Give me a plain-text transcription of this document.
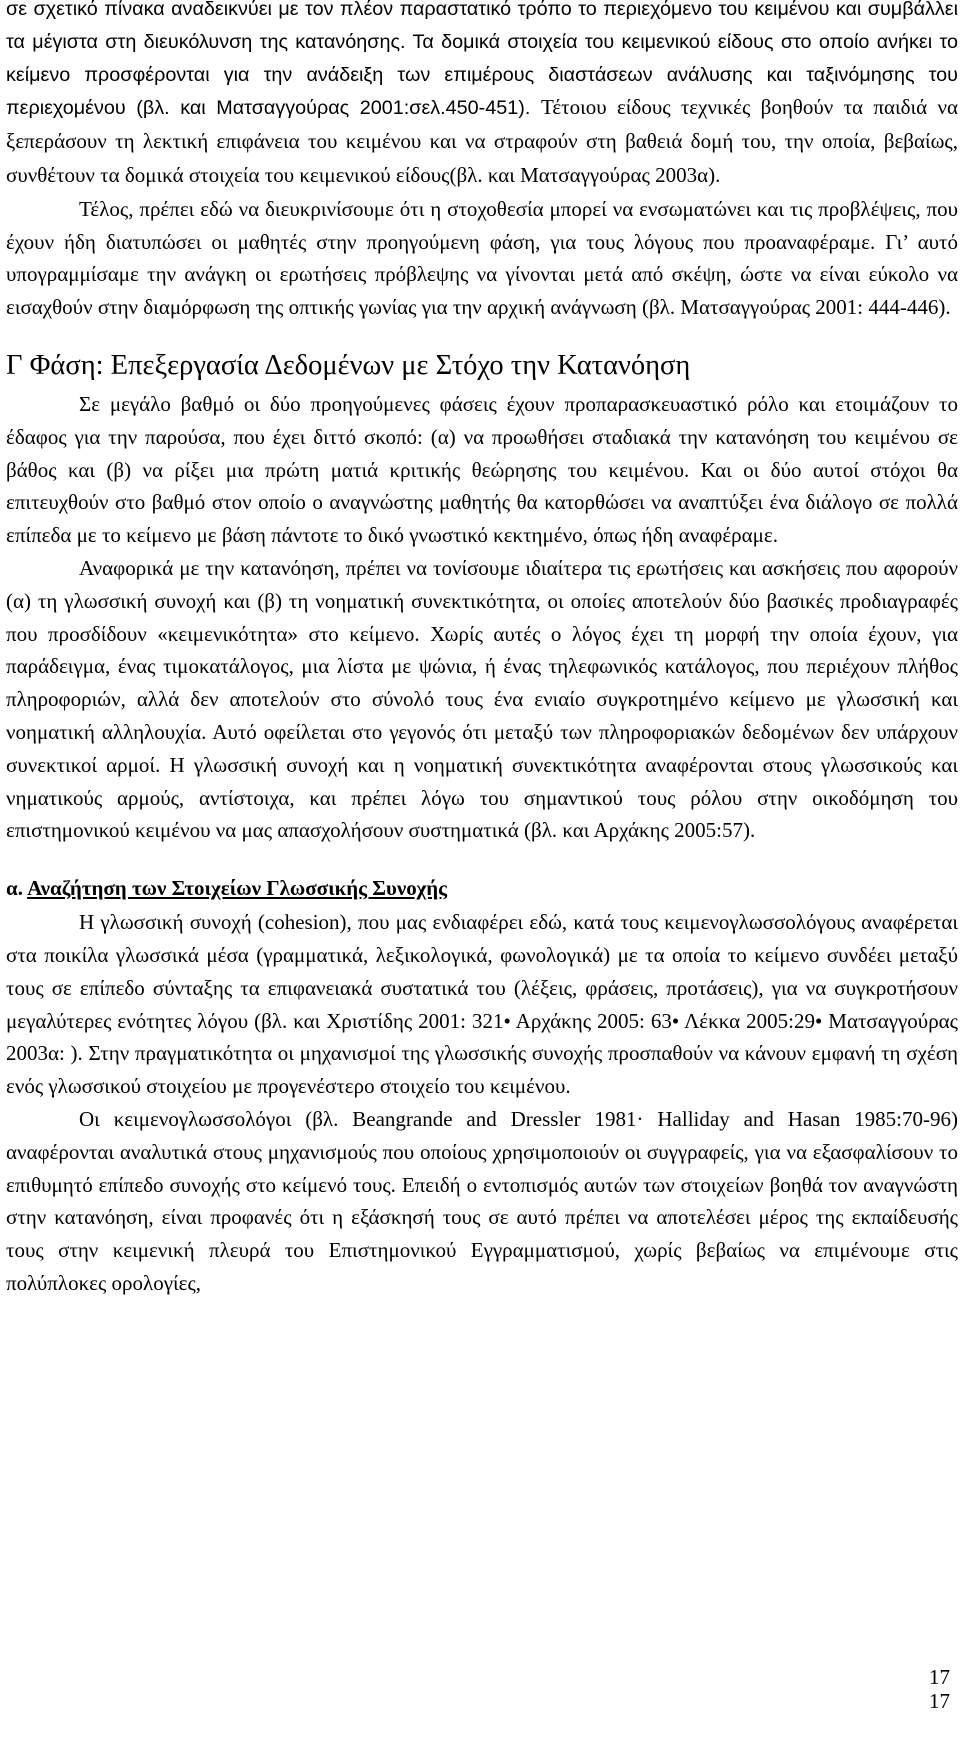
σε σχετικό πίνακα αναδεικνύει με τον πλέον παραστατικό τρόπο το περιεχόμενο του κειμένου και συμβάλλει τα μέγιστα στη διευκόλυνση της κατανόησης. Τα δομικά στοιχεία του κειμενικού είδους στο οποίο ανήκει το κείμενο προσφέρονται για την ανάδειξη των επιμέρους διαστάσεων ανάλυσης και ταξινόμησης του περιεχομένου (βλ. και Ματσαγγούρας 2001:σελ.450-451). Τέτοιου είδους τεχνικές βοηθούν τα παιδιά να ξεπεράσουν τη λεκτική επιφάνεια του κειμένου και να στραφούν στη βαθειά δομή του, την οποία, βεβαίως, συνθέτουν τα δομικά στοιχεία του κειμενικού είδους(βλ. και Ματσαγγούρας 2003α).

Τέλος, πρέπει εδώ να διευκρινίσουμε ότι η στοχοθεσία μπορεί να ενσωματώνει και τις προβλέψεις, που έχουν ήδη διατυπώσει οι μαθητές στην προηγούμενη φάση, για τους λόγους που προαναφέραμε. Γι’ αυτό υπογραμμίσαμε την ανάγκη οι ερωτήσεις πρόβλεψης να γίνονται μετά από σκέψη, ώστε να είναι εύκολο να εισαχθούν στην διαμόρφωση της οπτικής γωνίας για την αρχική ανάγνωση (βλ. Ματσαγγούρας 2001: 444-446).

Γ Φάση: Επεξεργασία Δεδομένων με Στόχο την Κατανόηση

Σε μεγάλο βαθμό οι δύο προηγούμενες φάσεις έχουν προπαρασκευαστικό ρόλο και ετοιμάζουν το έδαφος για την παρούσα, που έχει διττό σκοπό: (α) να προωθήσει σταδιακά την κατανόηση του κειμένου σε βάθος και (β) να ρίξει μια πρώτη ματιά κριτικής θεώρησης του κειμένου. Και οι δύο αυτοί στόχοι θα επιτευχθούν στο βαθμό στον οποίο ο αναγνώστης μαθητής θα κατορθώσει να αναπτύξει ένα διάλογο σε πολλά επίπεδα με το κείμενο με βάση πάντοτε το δικό γνωστικό κεκτημένο, όπως ήδη αναφέραμε.

Αναφορικά με την κατανόηση, πρέπει να τονίσουμε ιδιαίτερα τις ερωτήσεις και ασκήσεις που αφορούν (α) τη γλωσσική συνοχή και (β) τη νοηματική συνεκτικότητα, οι οποίες αποτελούν δύο βασικές προδιαγραφές που προσδίδουν «κειμενικότητα» στο κείμενο. Χωρίς αυτές ο λόγος έχει τη μορφή την οποία έχουν, για παράδειγμα, ένας τιμοκατάλογος, μια λίστα με ψώνια, ή ένας τηλεφωνικός κατάλογος, που περιέχουν πλήθος πληροφοριών, αλλά δεν αποτελούν στο σύνολό τους ένα ενιαίο συγκροτημένο κείμενο με γλωσσική και νοηματική αλληλουχία. Αυτό οφείλεται στο γεγονός ότι μεταξύ των πληροφοριακών δεδομένων δεν υπάρχουν συνεκτικοί αρμοί. Η γλωσσική συνοχή και η νοηματική συνεκτικότητα αναφέρονται στους γλωσσικούς και νηματικούς αρμούς, αντίστοιχα, και πρέπει λόγω του σημαντικού τους ρόλου στην οικοδόμηση του επιστημονικού κειμένου να μας απασχολήσουν συστηματικά (βλ. και Αρχάκης 2005:57).

α. Αναζήτηση των Στοιχείων Γλωσσικής Συνοχής

Η γλωσσική συνοχή (cohesion), που μας ενδιαφέρει εδώ, κατά τους κειμενογλωσσολόγους αναφέρεται στα ποικίλα γλωσσικά μέσα (γραμματικά, λεξικολογικά, φωνολογικά) με τα οποία το κείμενο συνδέει μεταξύ τους σε επίπεδο σύνταξης τα επιφανειακά συστατικά του (λέξεις, φράσεις, προτάσεις), για να συγκροτήσουν μεγαλύτερες ενότητες λόγου (βλ. και Χριστίδης 2001: 321• Αρχάκης 2005: 63• Λέκκα 2005:29• Ματσαγγούρας 2003α: ). Στην πραγματικότητα οι μηχανισμοί της γλωσσικής συνοχής προσπαθούν να κάνουν εμφανή τη σχέση ενός γλωσσικού στοιχείου με προγενέστερο στοιχείο του κειμένου.

Οι κειμενογλωσσολόγοι (βλ. Beangrande and Dressler 1981· Halliday and Hasan 1985:70-96) αναφέρονται αναλυτικά στους μηχανισμούς που οποίους χρησιμοποιούν οι συγγραφείς, για να εξασφαλίσουν το επιθυμητό επίπεδο συνοχής στο κείμενό τους. Επειδή ο εντοπισμός αυτών των στοιχείων βοηθά τον αναγνώστη στην κατανόηση, είναι προφανές ότι η εξάσκησή τους σε αυτό πρέπει να αποτελέσει μέρος της εκπαίδευσής τους στην κειμενική πλευρά του Επιστημονικού Εγγραμματισμού, χωρίς βεβαίως να επιμένουμε στις πολύπλοκες ορολογίες,

17
17
